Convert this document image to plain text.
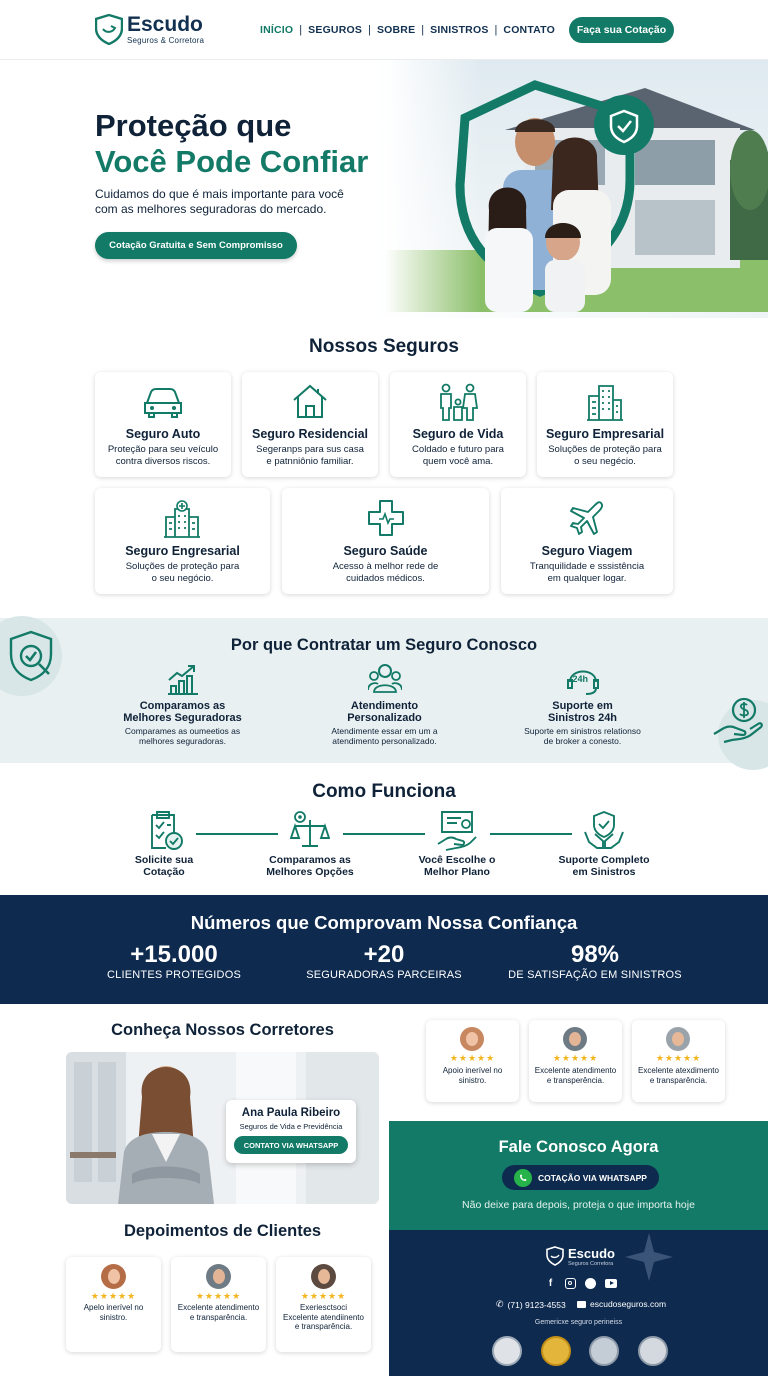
Escudo
Seguros & Corretora
INÍCIO | SEGUROS | SOBRE | SINISTROS | CONTATO	Faça sua Cotação
Proteção que
Você Pode Confiar
Cuidamos do que é mais importante para você
com as melhores seguradoras do mercado.
Cotação Gratuita e Sem Compromisso
Nossos Seguros
Seguro Auto
Proteção para seu veículo
contra diversos riscos.
Seguro Residencial
Segeranps para sus casa
e patnniônio familiar.
Seguro de Vida
Coldado e futuro para
quem você ama.
Seguro Empresarial
Soluções de proteção para
o seu negécio.
Seguro Engresarial
Soluções de proteção para
o seu negócio.
Seguro Saúde
Acesso à melhor rede de
cuidados médicos.
Seguro Viagem
Tranquilidade e sssistência
em qualquer logar.
Por que Contratar um Seguro Conosco
Comparamos as
Melhores Seguradoras
Comparames as oumeetios as
melhores seguradoras.
Atendimento
Personalizado
Atendimente essar em um a
atendimento personalizado.
24h
Suporte em
Sinistros 24h
Suporte em sinistros relationso
de broker a conesto.
Como Funciona
Solicite sua
Cotação
Comparamos as
Melhores Opções
Você Escolhe o
Melhor Plano
Suporte Completo
em Sinistros
Números que Comprovam Nossa Confiança
+15.000
CLIENTES PROTEGIDOS
+20
SEGURADORAS PARCEIRAS
98%
DE SATISFAÇÃO EM SINISTROS
Conheça Nossos Corretores
Ana Paula Ribeiro
Seguros de Vida e Previdência
CONTATO VIA WHATSAPP
★★★★★
Apoio inerível no
sinistro.
★★★★★
Excelente atendimento
e transperência.
★★★★★
Excelente atexdimento
e transparência.
Fale Conosco Agora
COTAÇÃO VIA WHATSAPP
Não deixe para depois, proteja o que importa hoje
Escudo
Seguros Corretora
f
✆ (71) 9123-4553	escudoseguros.com
Gemericxe seguro perineiss
Depoimentos de Clientes
★★★★★
Apelo inerível no
sinistro.
★★★★★
Excelente atendimento
e transparência.
★★★★★
Exeriesctsoci
Excelente atendiinento
e transparência.
